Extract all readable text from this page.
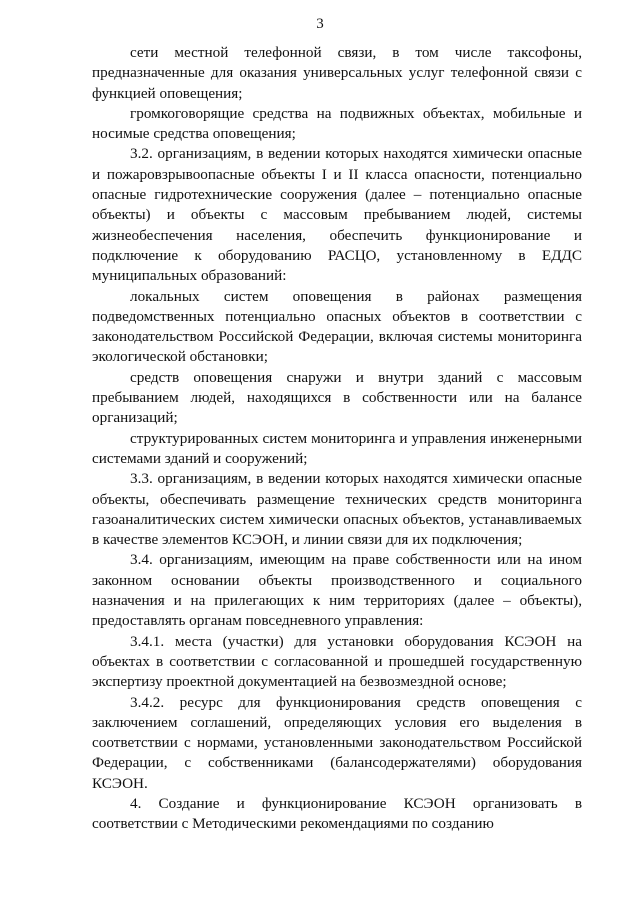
3

сети местной телефонной связи, в том числе таксофоны, предназначенные для оказания универсальных услуг телефонной связи с функцией оповещения;

громкоговорящие средства на подвижных объектах, мобильные и носимые средства оповещения;

3.2. организациям, в ведении которых находятся химически опасные и пожаровзрывоопасные объекты I и II класса опасности, потенциально опасные гидротехнические сооружения (далее – потенциально опасные объекты) и объекты с массовым пребыванием людей, системы жизнеобеспечения населения, обеспечить функционирование и подключение к оборудованию РАСЦО, установленному в ЕДДС муниципальных образований:

локальных систем оповещения в районах размещения подведомственных потенциально опасных объектов в соответствии с законодательством Российской Федерации, включая системы мониторинга экологической обстановки;

средств оповещения снаружи и внутри зданий с массовым пребыванием людей, находящихся в собственности или на балансе организаций;

структурированных систем мониторинга и управления инженерными системами зданий и сооружений;

3.3. организациям, в ведении которых находятся химически опасные объекты, обеспечивать размещение технических средств мониторинга газоаналитических систем химически опасных объектов, устанавливаемых в качестве элементов КСЭОН, и линии связи для их подключения;

3.4. организациям, имеющим на праве собственности или на ином законном основании объекты производственного и социального назначения и на прилегающих к ним территориях (далее – объекты), предоставлять органам повседневного управления:

3.4.1. места (участки) для установки оборудования КСЭОН на объектах в соответствии с согласованной и прошедшей государственную экспертизу проектной документацией на безвозмездной основе;

3.4.2. ресурс для функционирования средств оповещения с заключением соглашений, определяющих условия его выделения в соответствии с нормами, установленными законодательством Российской Федерации, с собственниками (балансодержателями) оборудования КСЭОН.

4. Создание и функционирование КСЭОН организовать в соответствии с Методическими рекомендациями по созданию
